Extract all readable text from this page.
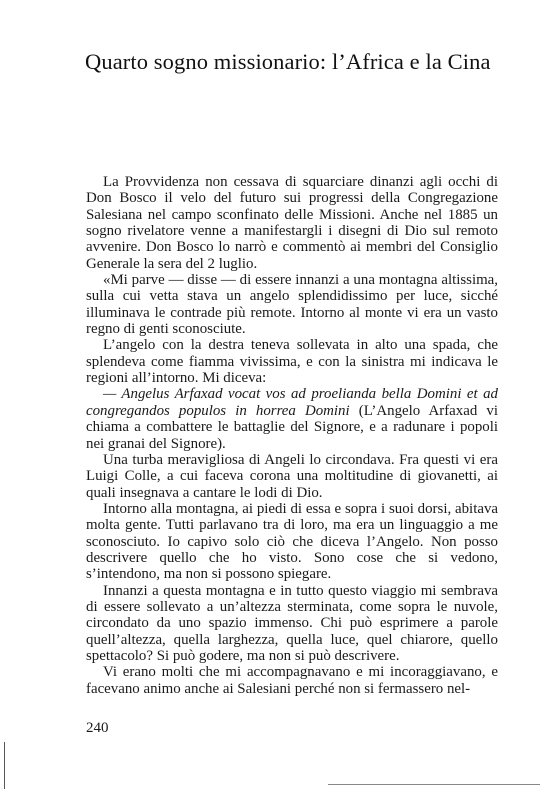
Quarto sogno missionario: l’Africa e la Cina

La Provvidenza non cessava di squarciare dinanzi agli occhi di Don Bosco il velo del futuro sui progressi della Congregazione Salesiana nel campo sconfinato delle Missioni. Anche nel 1885 un sogno rivelatore venne a manifestargli i disegni di Dio sul remoto avvenire. Don Bosco lo narrò e commentò ai membri del Consiglio Generale la sera del 2 luglio.

«Mi parve — disse — di essere innanzi a una montagna altissima, sulla cui vetta stava un angelo splendidissimo per luce, sicché illuminava le contrade più remote. Intorno al monte vi era un vasto regno di genti sconosciute.

L’angelo con la destra teneva sollevata in alto una spada, che splendeva come fiamma vivissima, e con la sinistra mi indicava le regioni all’intorno. Mi diceva:

— Angelus Arfaxad vocat vos ad proelianda bella Domini et ad congregandos populos in horrea Domini (L’Angelo Arfaxad vi chiama a combattere le battaglie del Signore, e a radunare i popoli nei granai del Signore).

Una turba meravigliosa di Angeli lo circondava. Fra questi vi era Luigi Colle, a cui faceva corona una moltitudine di giovanetti, ai quali insegnava a cantare le lodi di Dio.

Intorno alla montagna, ai piedi di essa e sopra i suoi dorsi, abitava molta gente. Tutti parlavano tra di loro, ma era un linguaggio a me sconosciuto. Io capivo solo ciò che diceva l’Angelo. Non posso descrivere quello che ho visto. Sono cose che si vedono, s’intendono, ma non si possono spiegare.

Innanzi a questa montagna e in tutto questo viaggio mi sembrava di essere sollevato a un’altezza sterminata, come sopra le nuvole, circondato da uno spazio immenso. Chi può esprimere a parole quell’altezza, quella larghezza, quella luce, quel chiarore, quello spettacolo? Si può godere, ma non si può descrivere.

Vi erano molti che mi accompagnavano e mi incoraggiavano, e facevano animo anche ai Salesiani perché non si fermassero nel-

240
